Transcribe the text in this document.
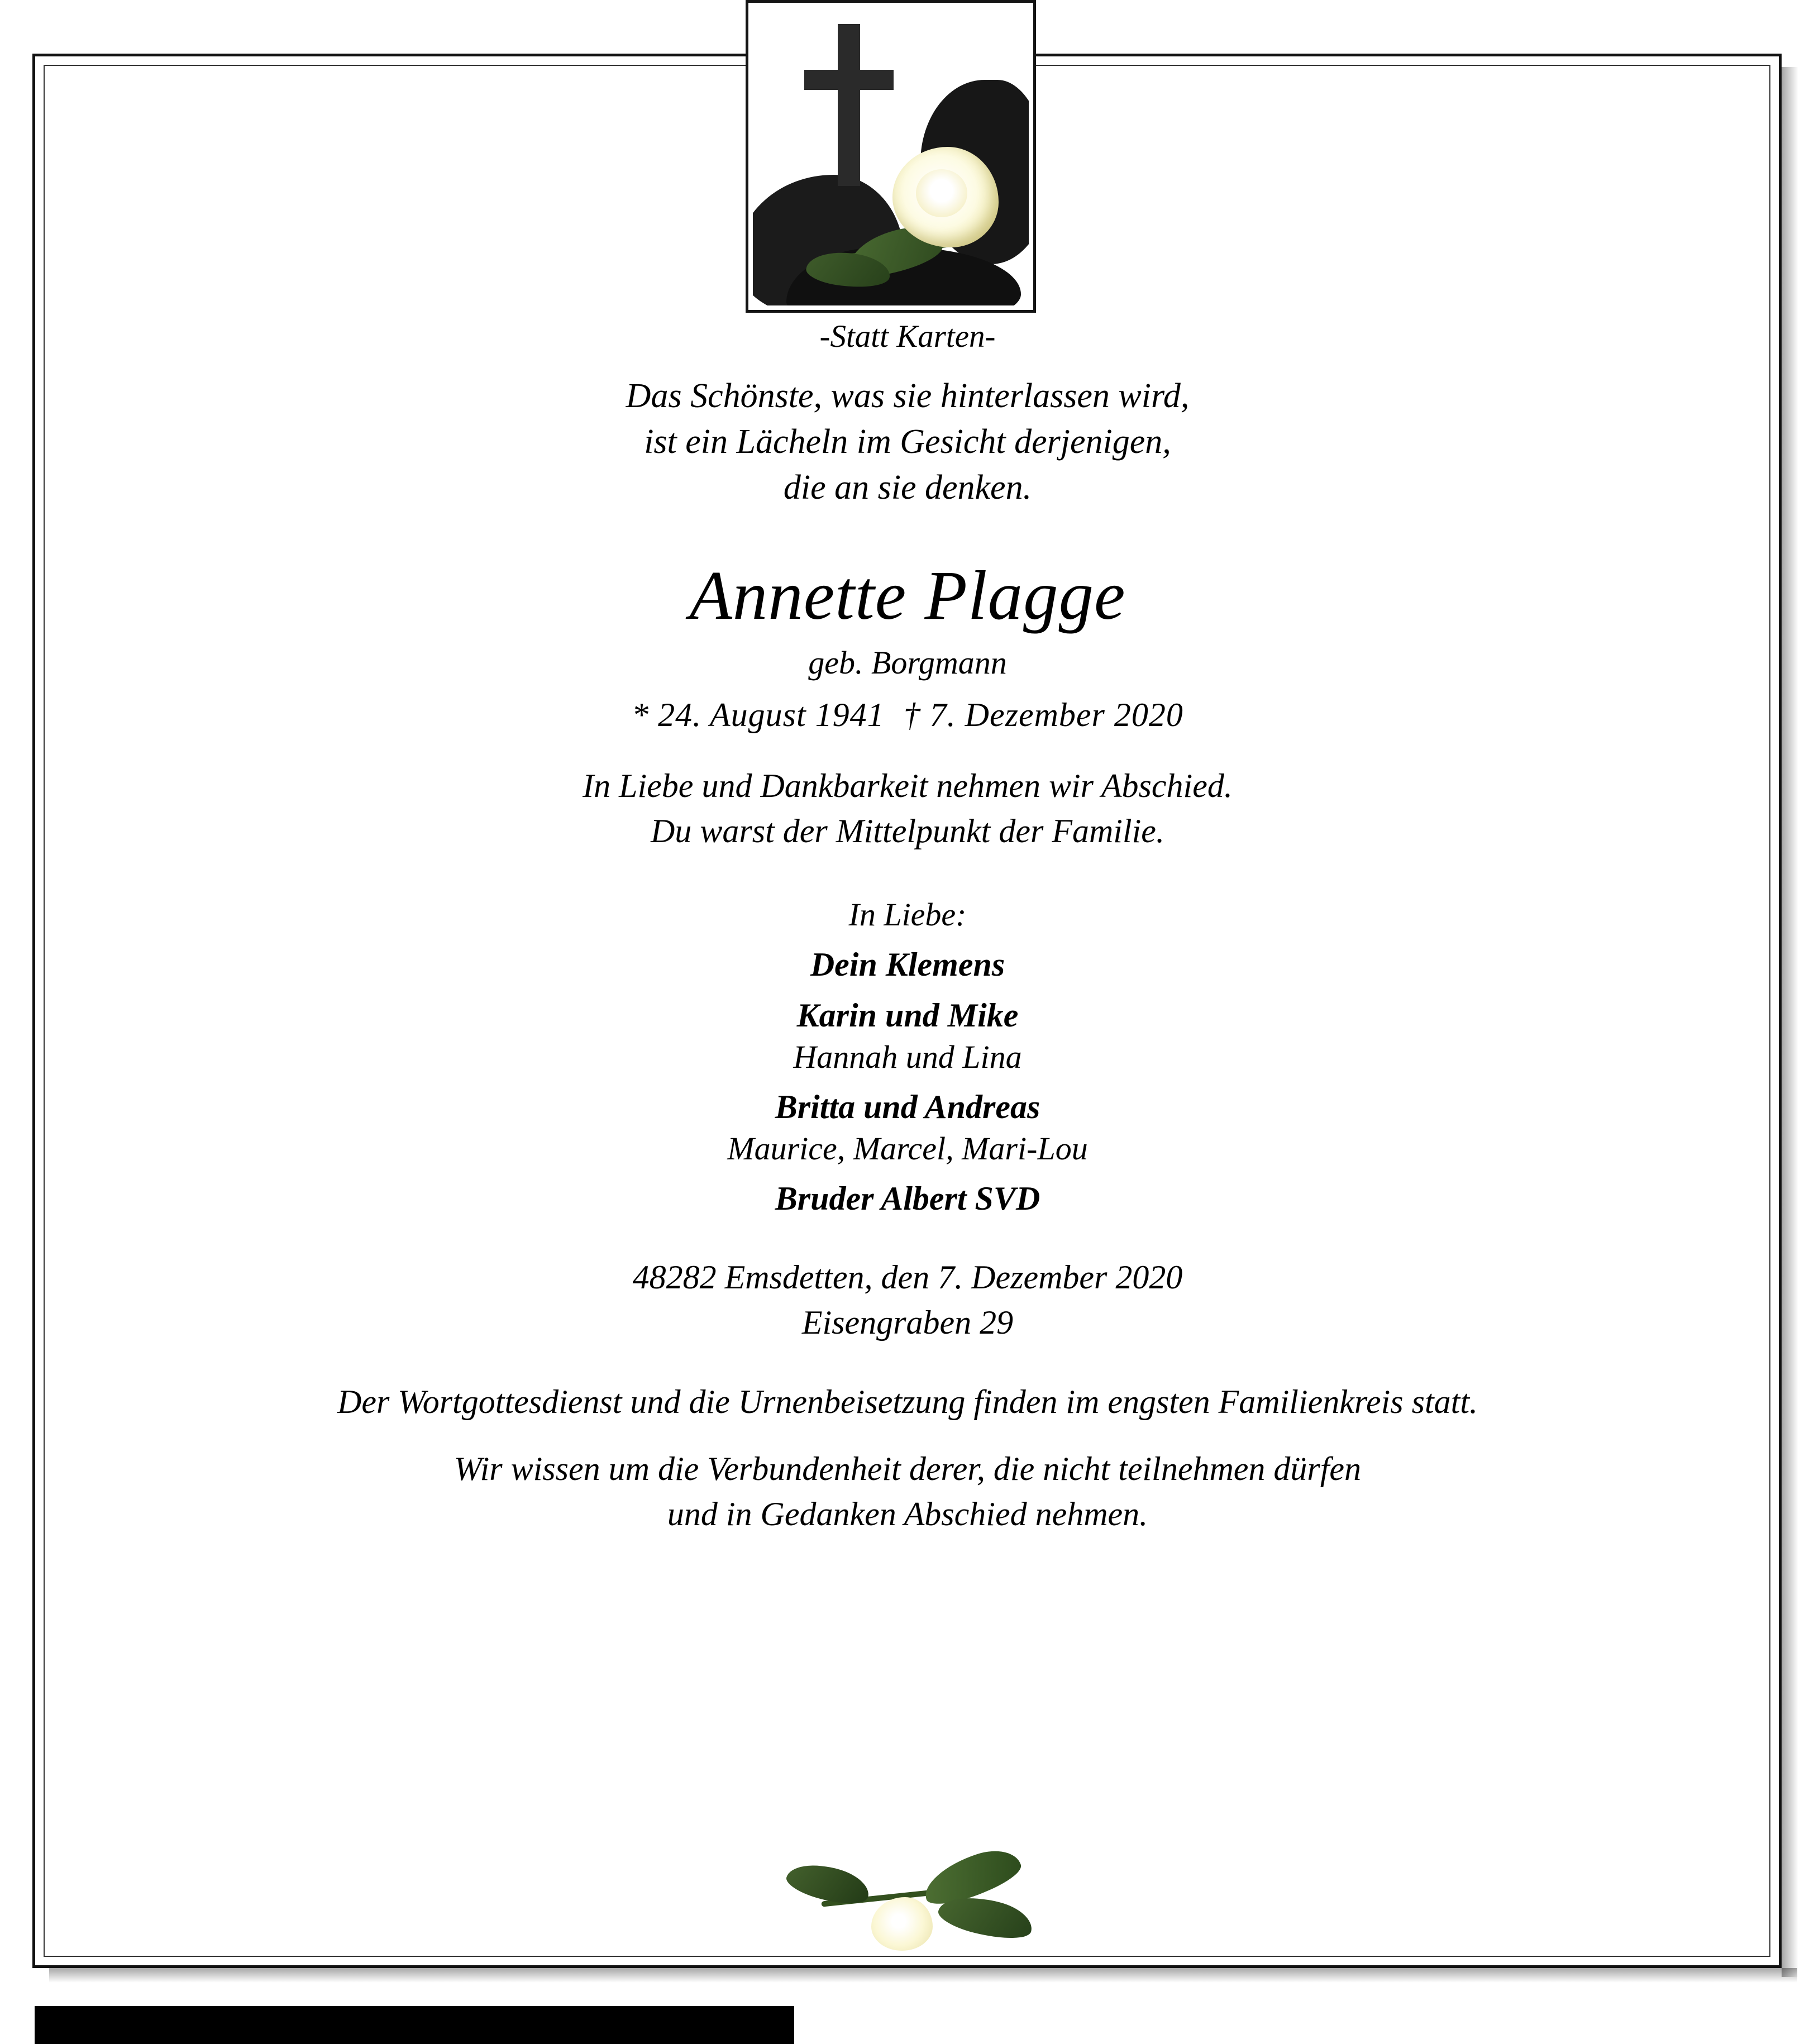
-Statt Karten-
Das Schönste, was sie hinterlassen wird,
ist ein Lächeln im Gesicht derjenigen,
die an sie denken.
Annette Plagge
geb. Borgmann
* 24. August 1941 † 7. Dezember 2020
In Liebe und Dankbarkeit nehmen wir Abschied.
Du warst der Mittelpunkt der Familie.
In Liebe:
Dein Klemens
Karin und Mike
Hannah und Lina
Britta und Andreas
Maurice, Marcel, Mari-Lou
Bruder Albert SVD
48282 Emsdetten, den 7. Dezember 2020
Eisengraben 29
Der Wortgottesdienst und die Urnenbeisetzung finden im engsten Familienkreis statt.
Wir wissen um die Verbundenheit derer, die nicht teilnehmen dürfen
und in Gedanken Abschied nehmen.
